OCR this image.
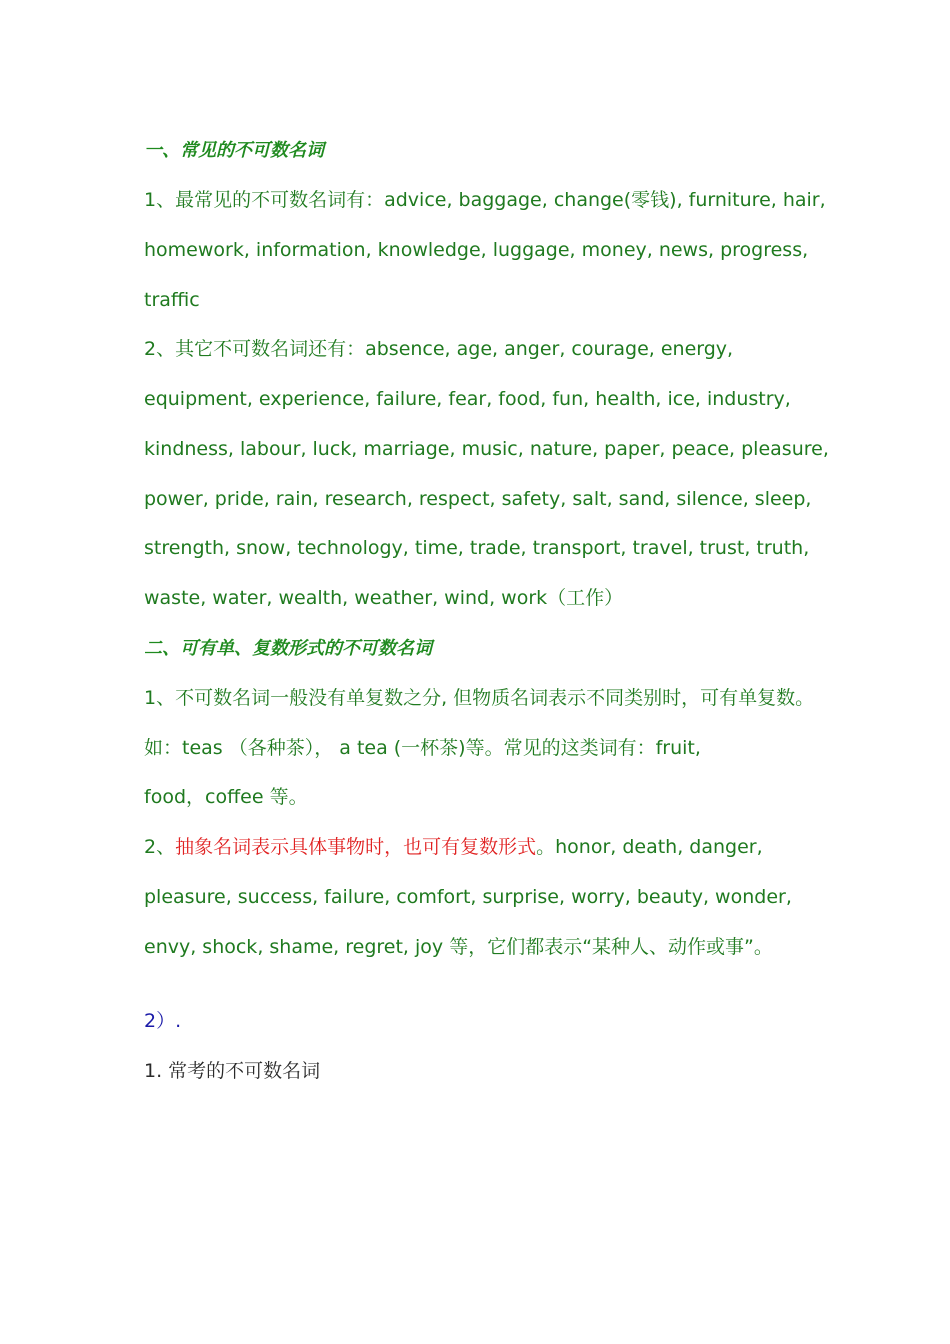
一、常见的不可数名词
1、最常见的不可数名词有：advice, baggage, change(零钱), furniture, hair,
homework, information, knowledge, luggage, money, news, progress,
traffic
2、其它不可数名词还有：absence, age, anger, courage, energy,
equipment, experience, failure, fear, food, fun, health, ice, industry,
kindness, labour, luck, marriage, music, nature, paper, peace, pleasure,
power, pride, rain, research, respect, safety, salt, sand, silence, sleep,
strength, snow, technology, time, trade, transport, travel, trust, truth,
waste, water, wealth, weather, wind, work（工作）
二、可有单、复数形式的不可数名词
1、不可数名词一般没有单复数之分, 但物质名词表示不同类别时，可有单复数。
如：teas （各种茶）， a tea (一杯茶)等。常见的这类词有：fruit,
food，coffee 等。
2、抽象名词表示具体事物时，也可有复数形式。honor, death, danger,
pleasure, success, failure, comfort, surprise, worry, beauty, wonder,
envy, shock, shame, regret, joy 等，它们都表示“某种人、动作或事”。
2）.
1. 常考的不可数名词
